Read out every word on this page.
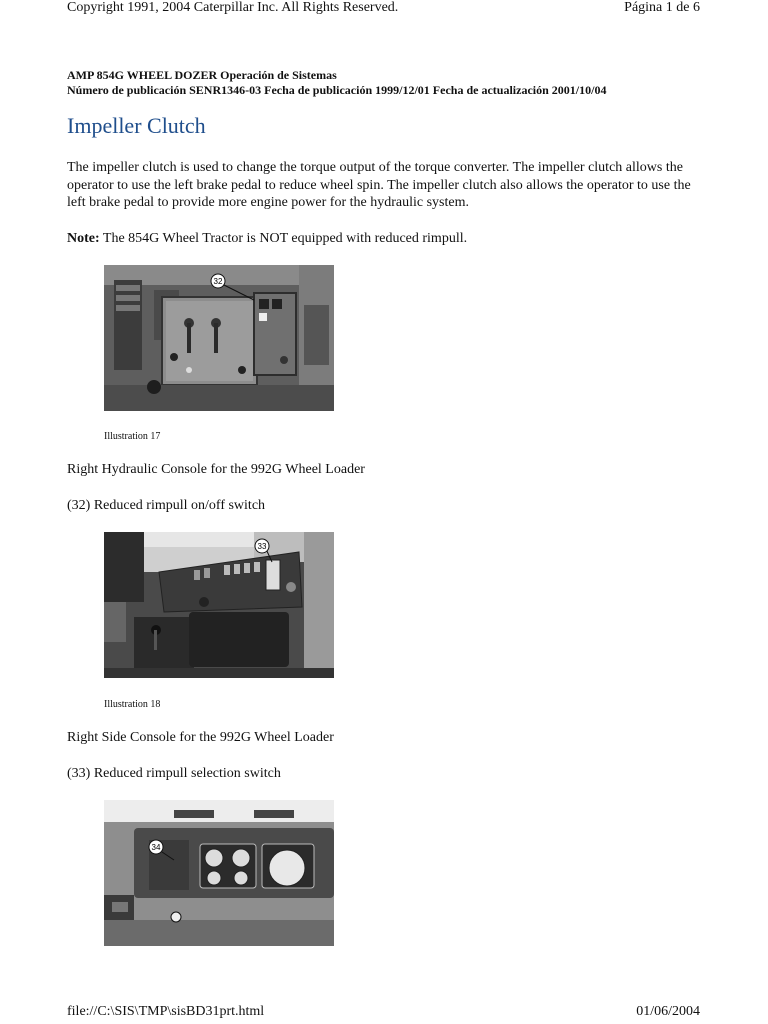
Copyright 1991, 2004 Caterpillar Inc. All Rights Reserved.	Página 1 de 6
AMP 854G WHEEL DOZER Operación de Sistemas
Número de publicación SENR1346-03 Fecha de publicación 1999/12/01 Fecha de actualización 2001/10/04
Impeller Clutch
The impeller clutch is used to change the torque output of the torque converter. The impeller clutch allows the operator to use the left brake pedal to reduce wheel spin. The impeller clutch also allows the operator to use the left brake pedal to provide more engine power for the hydraulic system.
Note: The 854G Wheel Tractor is NOT equipped with reduced rimpull.
32
Illustration 17
Right Hydraulic Console for the 992G Wheel Loader
(32) Reduced rimpull on/off switch
33
Illustration 18
Right Side Console for the 992G Wheel Loader
(33) Reduced rimpull selection switch
34
file://C:\SIS\TMP\sisBD31prt.html	01/06/2004
